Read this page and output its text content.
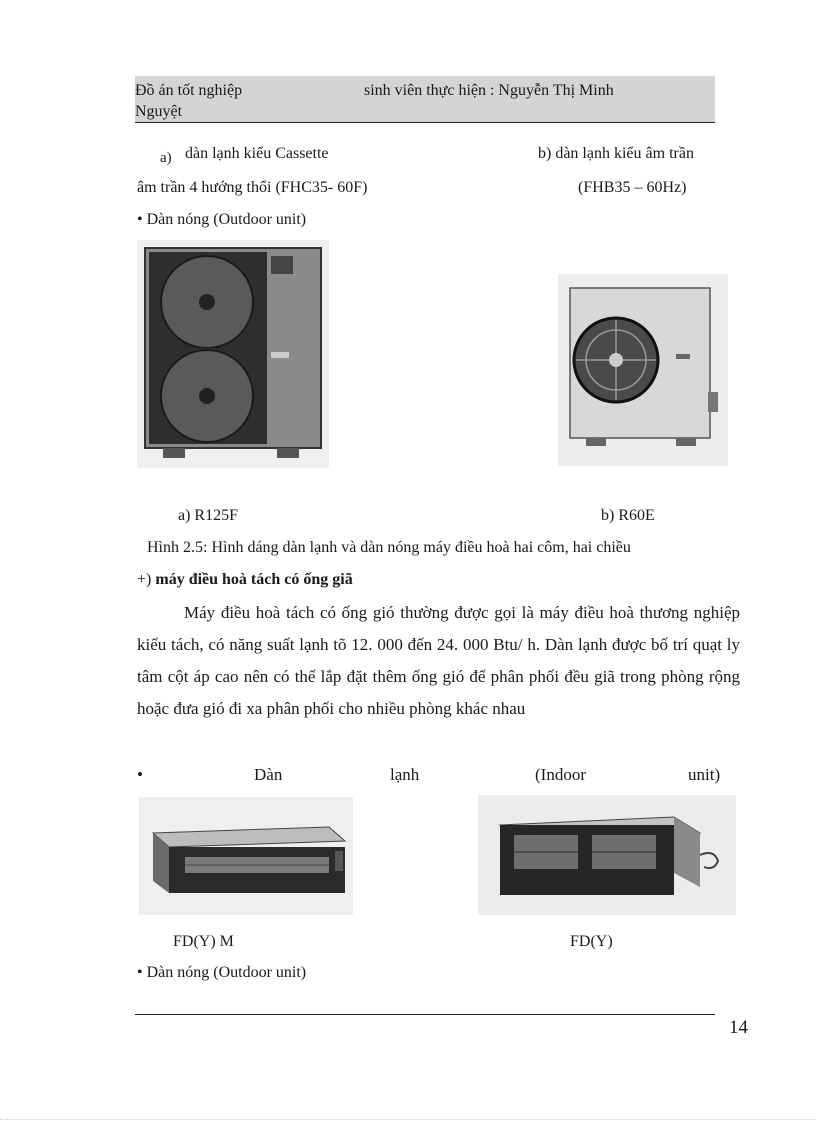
Đồ án tốt nghiệp	sinh viên thực hiện : Nguyễn Thị Minh
Nguyệt
a) dàn lạnh kiểu Cassette	b) dàn lạnh kiểu âm trần
âm trần 4 hướng thổi (FHC35- 60F)	(FHB35 – 60Hz)
• Dàn nóng (Outdoor unit)
a) R125F	b) R60E
Hình 2.5: Hình dáng dàn lạnh và dàn nóng máy điều hoà hai côm, hai chiều
+) máy điều hoà tách có ống giã
Máy điều hoà tách có ống gió thường được gọi là máy điều hoà thương nghiệp kiểu tách, có năng suất lạnh tõ 12. 000 đến 24. 000 Btu/ h. Dàn lạnh được bố trí quạt ly tâm cột áp cao nên có thể lắp đặt thêm ống gió để phân phối đều giã trong phòng rộng hoặc đưa gió đi xa phân phối cho nhiều phòng khác nhau
•	Dàn	lạnh	(Indoor	unit)
FD(Y) M	FD(Y)
• Dàn nóng (Outdoor unit)
14
